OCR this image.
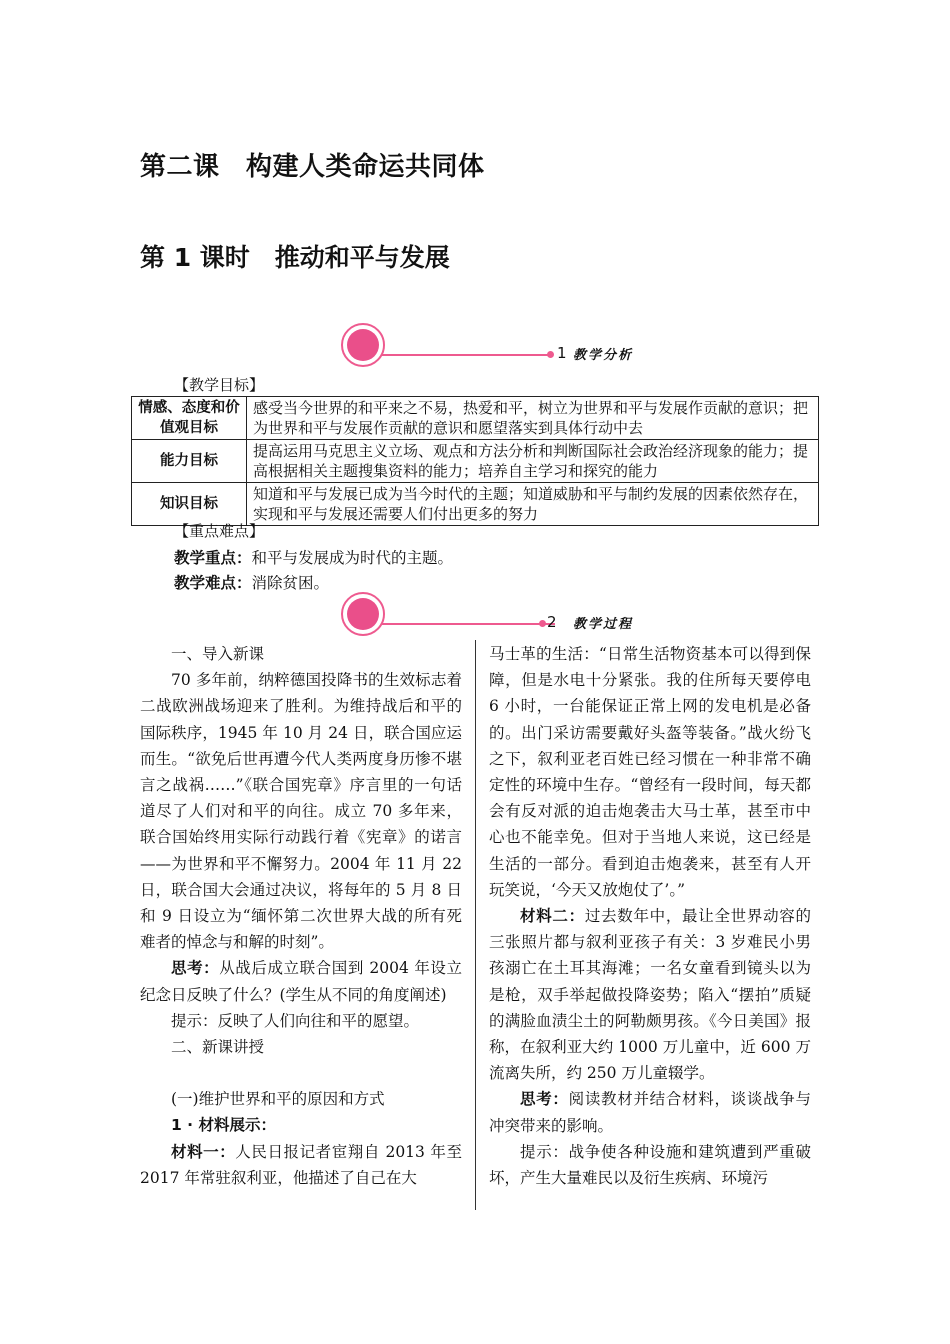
第二课　构建人类命运共同体
第 1 课时　推动和平与发展
1 教学分析
【教学目标】
情感、态度和价值观目标	感受当今世界的和平来之不易，热爱和平，树立为世界和平与发展作贡献的意识；把为世界和平与发展作贡献的意识和愿望落实到具体行动中去
能力目标	提高运用马克思主义立场、观点和方法分析和判断国际社会政治经济现象的能力；提高根据相关主题搜集资料的能力；培养自主学习和探究的能力
知识目标	知道和平与发展已成为当今时代的主题；知道威胁和平与制约发展的因素依然存在，实现和平与发展还需要人们付出更多的努力
【重点难点】
教学重点：和平与发展成为时代的主题。
教学难点：消除贫困。
2 教学过程

一、导入新课

70 多年前，纳粹德国投降书的生效标志着二战欧洲战场迎来了胜利。为维持战后和平的国际秩序，1945 年 10 月 24 日，联合国应运而生。“欲免后世再遭今代人类两度身历惨不堪言之战祸……”《联合国宪章》序言里的一句话道尽了人们对和平的向往。成立 70 多年来，联合国始终用实际行动践行着《宪章》的诺言——为世界和平不懈努力。2004 年 11 月 22 日，联合国大会通过决议，将每年的 5 月 8 日和 9 日设立为“缅怀第二次世界大战的所有死难者的悼念与和解的时刻”。

思考：从战后成立联合国到 2004 年设立纪念日反映了什么？(学生从不同的角度阐述)

提示：反映了人们向往和平的愿望。

二、新课讲授

(一)维护世界和平的原因和方式

1 · 材料展示：

材料一：人民日报记者宦翔自 2013 年至 2017 年常驻叙利亚，他描述了自己在大

马士革的生活：“日常生活物资基本可以得到保障，但是水电十分紧张。我的住所每天要停电 6 小时，一台能保证正常上网的发电机是必备的。出门采访需要戴好头盔等装备。”战火纷飞之下，叙利亚老百姓已经习惯在一种非常不确定性的环境中生存。“曾经有一段时间，每天都会有反对派的迫击炮袭击大马士革，甚至市中心也不能幸免。但对于当地人来说，这已经是生活的一部分。看到迫击炮袭来，甚至有人开玩笑说，‘今天又放炮仗了’。”

材料二：过去数年中，最让全世界动容的三张照片都与叙利亚孩子有关：3 岁难民小男孩溺亡在土耳其海滩；一名女童看到镜头以为是枪，双手举起做投降姿势；陷入“摆拍”质疑的满脸血渍尘土的阿勒颇男孩。《今日美国》报称，在叙利亚大约 1000 万儿童中，近 600 万流离失所，约 250 万儿童辍学。

思考：阅读教材并结合材料，谈谈战争与冲突带来的影响。

提示：战争使各种设施和建筑遭到严重破坏，产生大量难民以及衍生疾病、环境污
